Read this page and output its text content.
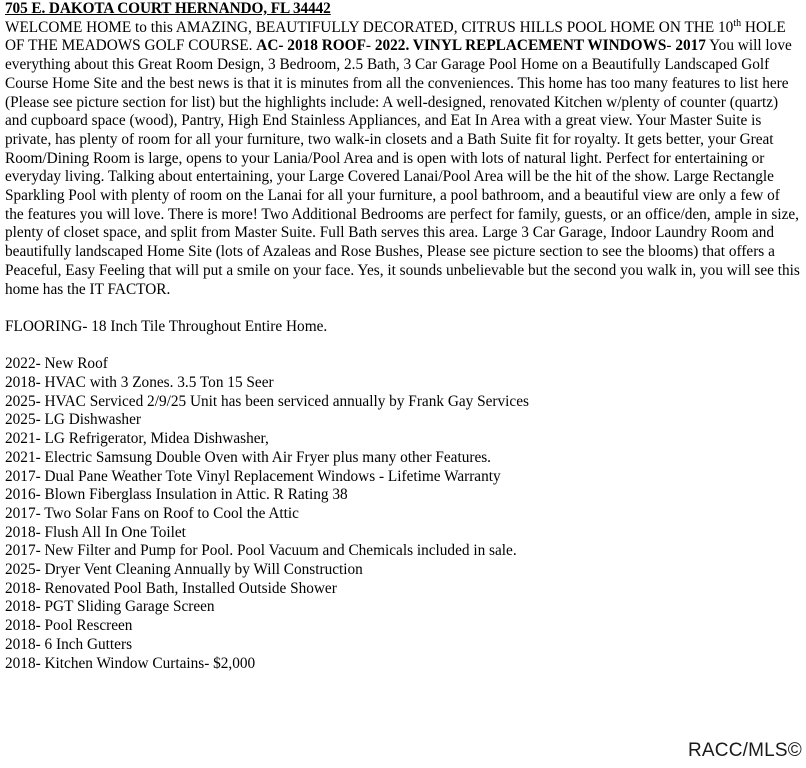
705 E. DAKOTA COURT HERNANDO, FL 34442

WELCOME HOME to this AMAZING, BEAUTIFULLY DECORATED, CITRUS HILLS POOL HOME ON THE 10th HOLE OF THE MEADOWS GOLF COURSE. AC- 2018 ROOF- 2022. VINYL REPLACEMENT WINDOWS- 2017 You will love everything about this Great Room Design, 3 Bedroom, 2.5 Bath, 3 Car Garage Pool Home on a Beautifully Landscaped Golf Course Home Site and the best news is that it is minutes from all the conveniences. This home has too many features to list here (Please see picture section for list) but the highlights include: A well-designed, renovated Kitchen w/plenty of counter (quartz) and cupboard space (wood), Pantry, High End Stainless Appliances, and Eat In Area with a great view. Your Master Suite is private, has plenty of room for all your furniture, two walk-in closets and a Bath Suite fit for royalty. It gets better, your Great Room/Dining Room is large, opens to your Lania/Pool Area and is open with lots of natural light. Perfect for entertaining or everyday living. Talking about entertaining, your Large Covered Lanai/Pool Area will be the hit of the show. Large Rectangle Sparkling Pool with plenty of room on the Lanai for all your furniture, a pool bathroom, and a beautiful view are only a few of the features you will love. There is more! Two Additional Bedrooms are perfect for family, guests, or an office/den, ample in size, plenty of closet space, and split from Master Suite. Full Bath serves this area. Large 3 Car Garage, Indoor Laundry Room and beautifully landscaped Home Site (lots of Azaleas and Rose Bushes, Please see picture section to see the blooms) that offers a Peaceful, Easy Feeling that will put a smile on your face. Yes, it sounds unbelievable but the second you walk in, you will see this home has the IT FACTOR.

FLOORING- 18 Inch Tile Throughout Entire Home.

2022- New Roof
2018- HVAC with 3 Zones. 3.5 Ton 15 Seer
2025- HVAC Serviced 2/9/25 Unit has been serviced annually by Frank Gay Services
2025- LG Dishwasher
2021- LG Refrigerator, Midea Dishwasher,
2021- Electric Samsung Double Oven with Air Fryer plus many other Features.
2017- Dual Pane Weather Tote Vinyl Replacement Windows - Lifetime Warranty
2016- Blown Fiberglass Insulation in Attic. R Rating 38
2017- Two Solar Fans on Roof to Cool the Attic
2018- Flush All In One Toilet
2017- New Filter and Pump for Pool. Pool Vacuum and Chemicals included in sale.
2025- Dryer Vent Cleaning Annually by Will Construction
2018- Renovated Pool Bath, Installed Outside Shower
2018- PGT Sliding Garage Screen
2018- Pool Rescreen
2018- 6 Inch Gutters
2018- Kitchen Window Curtains- $2,000
RACC/MLS©
